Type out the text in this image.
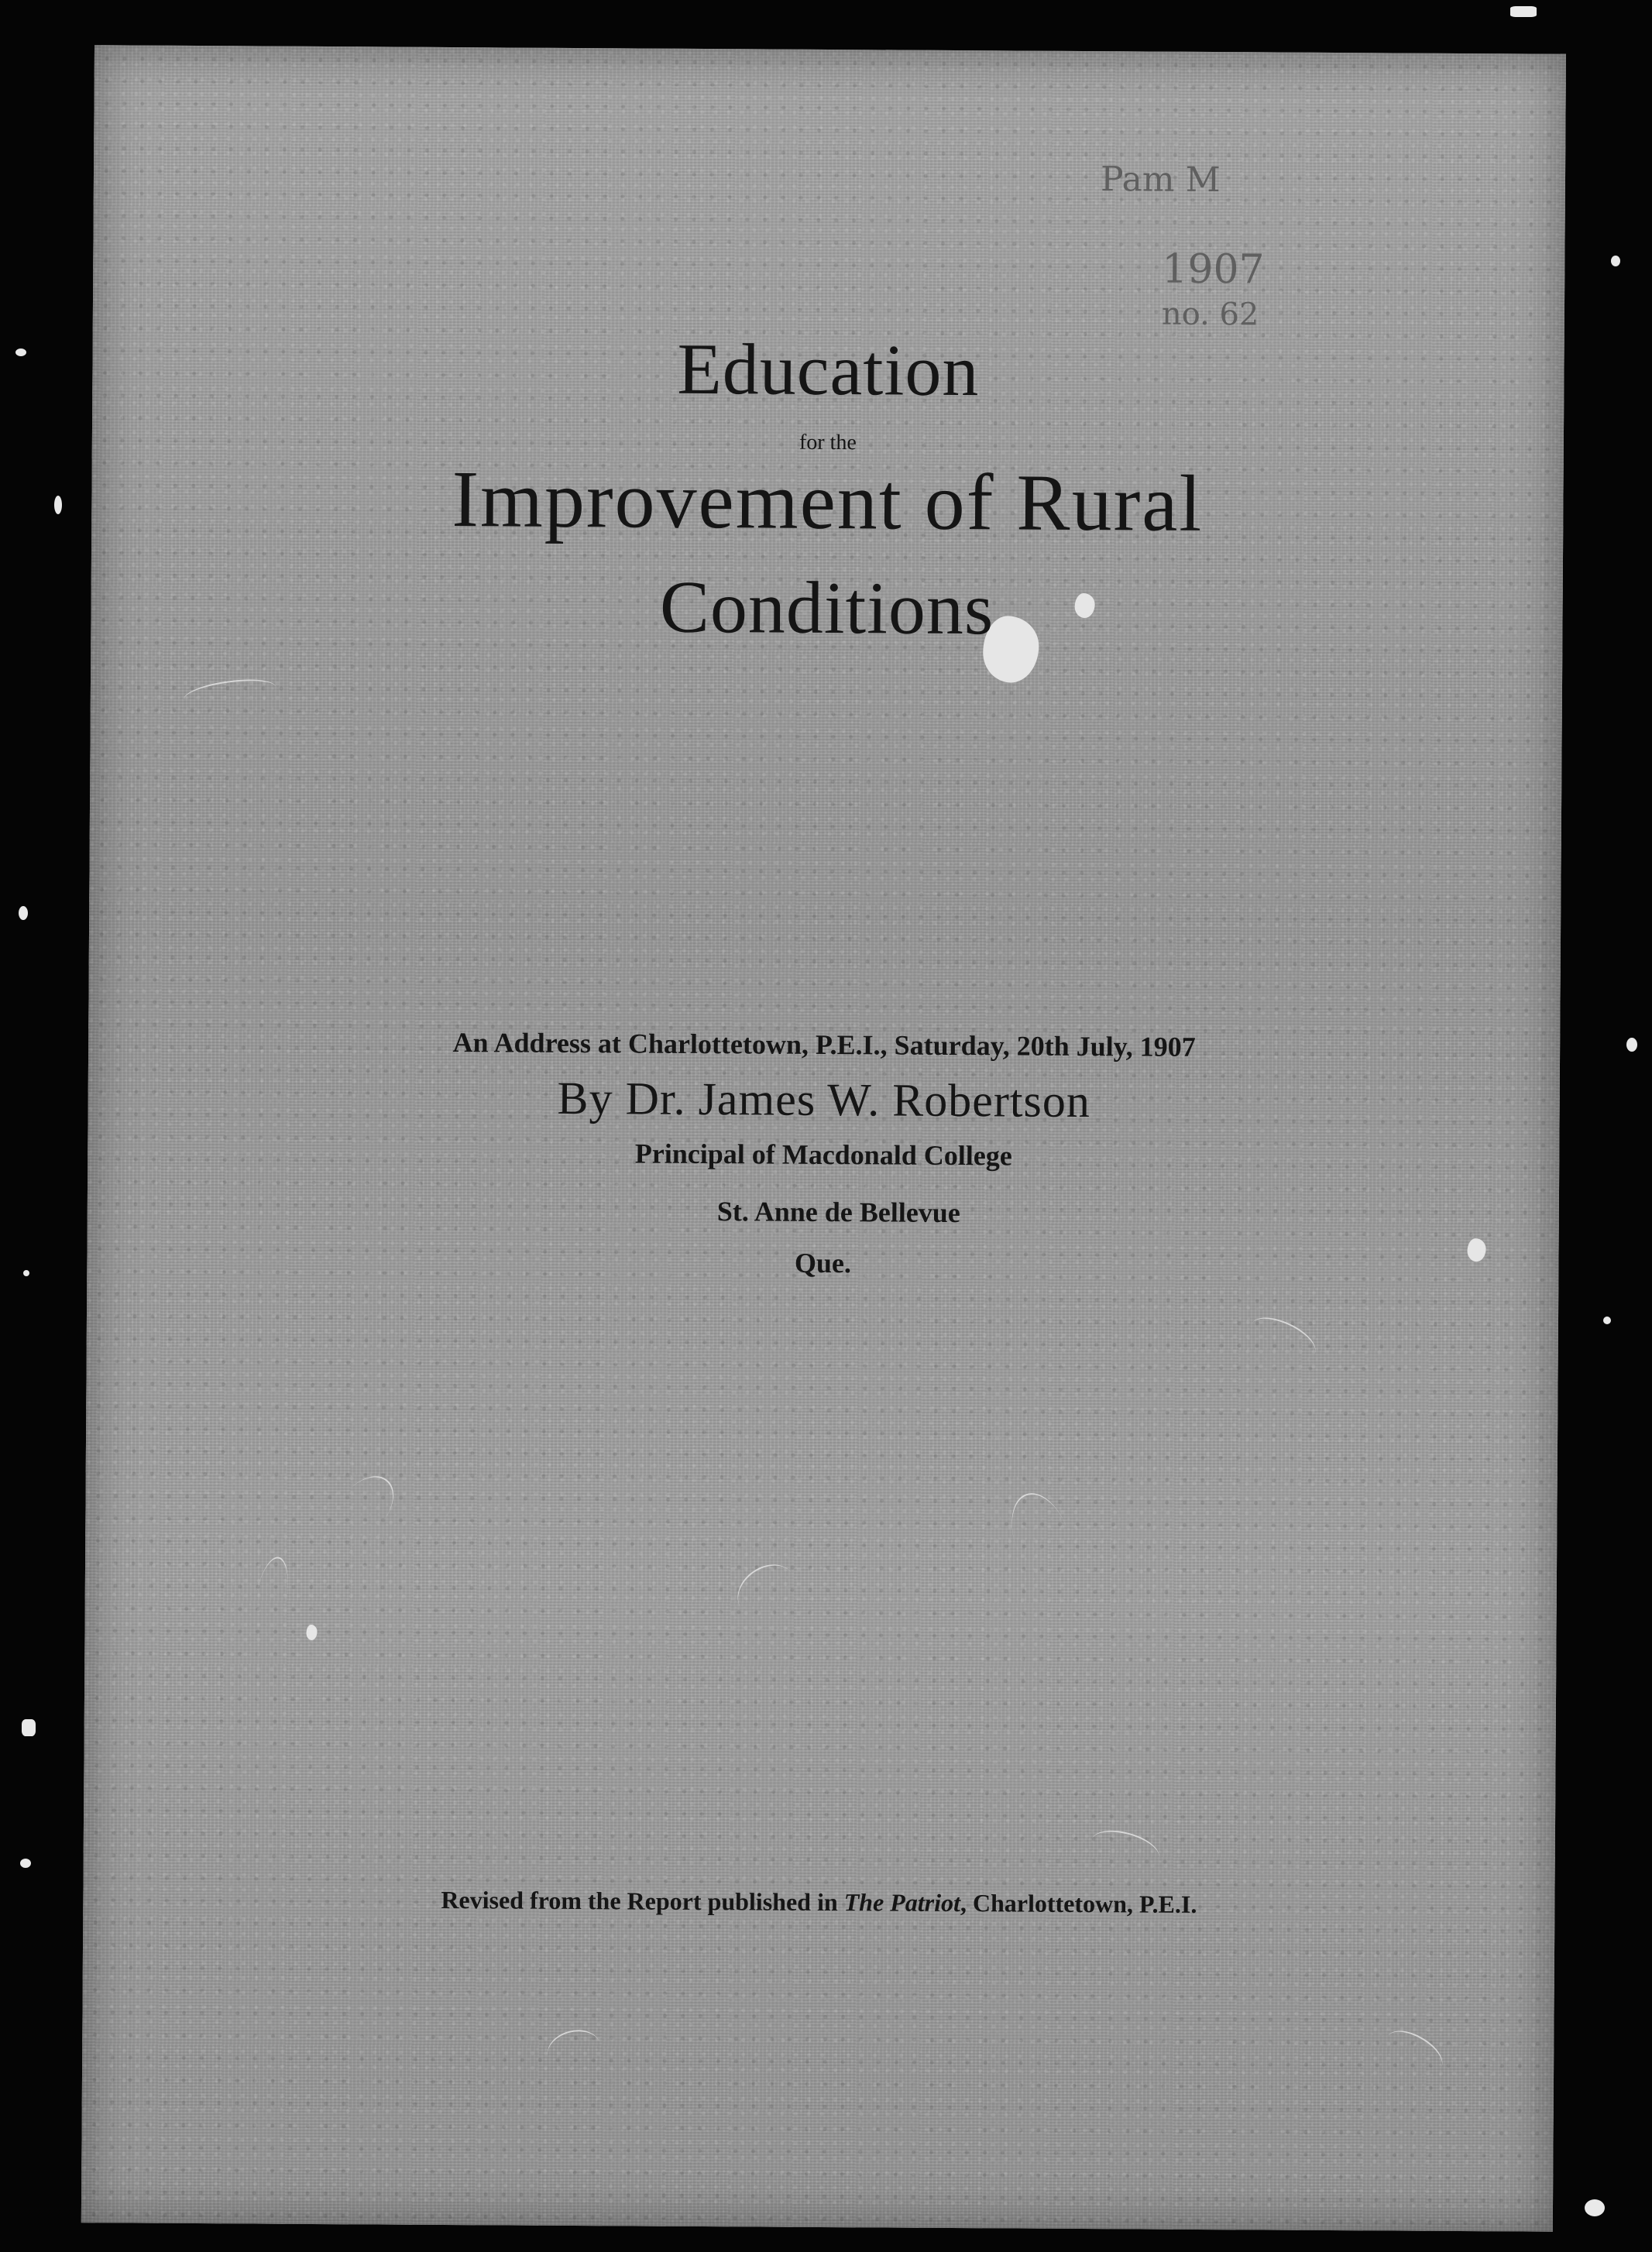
Pam M
1907
no. 62
Education
for the
Improvement of Rural
Conditions
An Address at Charlottetown, P.E.I., Saturday, 20th July, 1907
By Dr. James W. Robertson
Principal of Macdonald College
St. Anne de Bellevue
Que.
Revised from the Report published in The Patriot, Charlottetown, P.E.I.
